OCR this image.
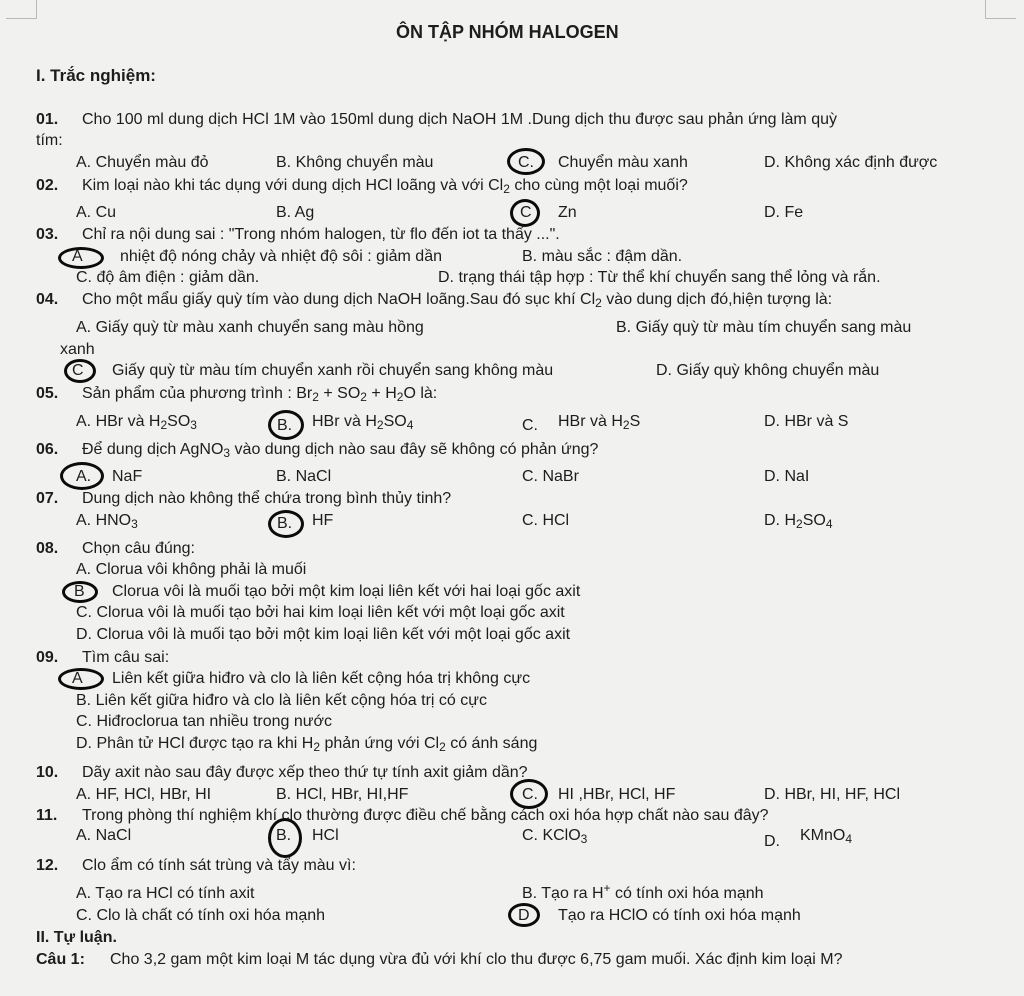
ÔN TẬP NHÓM HALOGEN
I. Trắc nghiệm:
01. Cho 100 ml dung dịch HCl 1M vào 150ml dung dịch NaOH 1M .Dung dịch thu được sau phản ứng làm quỳ
tím:
A. Chuyển màu đỏ	B. Không chuyển màu	C. Chuyển màu xanh	D. Không xác định được
02. Kim loại nào khi tác dụng với dung dịch HCl loãng và với $Cl_2$ cho cùng một loại muối?
A. Cu	B. Ag	C Zn	D. Fe
03. Chỉ ra nội dung sai : "Trong nhóm halogen, từ flo đến iot ta thấy ...".
A nhiệt độ nóng chảy và nhiệt độ sôi : giảm dần	B. màu sắc : đậm dần.
C. độ âm điện : giảm dần.	D. trạng thái tập hợp : Từ thể khí chuyển sang thể lỏng và rắn.
04. Cho một mẩu giấy quỳ tím vào dung dịch NaOH loãng.Sau đó sục khí $Cl_2$ vào dung dịch đó,hiện tượng là:
A. Giấy quỳ từ màu xanh chuyển sang màu hồng	B. Giấy quỳ từ màu tím chuyển sang màu
xanh
C Giấy quỳ từ màu tím chuyển xanh rồi chuyển sang không màu	D. Giấy quỳ không chuyển màu
05. Sản phẩm của phương trình : $Br_2 + SO_2 + H_2O$ là:
A. HBr và $H_2SO_3$	B. HBr và $H_2SO_4$	C. HBr và $H_2S$	D. HBr và S
06. Để dung dịch AgNO$_3$ vào dung dịch nào sau đây sẽ không có phản ứng?
A. NaF	B. NaCl	C. NaBr	D. NaI
07. Dung dịch nào không thể chứa trong bình thủy tinh?
A. $HNO_3$	B. HF	C. HCl	D. $H_2SO_4$
08. Chọn câu đúng:
A. Clorua vôi không phải là muối
B Clorua vôi là muối tạo bởi một kim loại liên kết với hai loại gốc axit
C. Clorua vôi là muối tạo bởi hai kim loại liên kết với một loại gốc axit
D. Clorua vôi là muối tạo bởi một kim loại liên kết với một loại gốc axit
09. Tìm câu sai:
A Liên kết giữa hiđro và clo là liên kết cộng hóa trị không cực
B. Liên kết giữa hiđro và clo là liên kết cộng hóa trị có cực
C. Hiđroclorua tan nhiều trong nước
D. Phân tử HCl được tạo ra khi $H_2$ phản ứng với $Cl_2$ có ánh sáng
10. Dãy axit nào sau đây được xếp theo thứ tự tính axit giảm dần?
A. HF, HCl, HBr, HI	B. HCl, HBr, HI,HF	C. HI ,HBr, HCl, HF	D. HBr, HI, HF, HCl
11. Trong phòng thí nghiệm khí clo thường được điều chế bằng cách oxi hóa hợp chất nào sau đây?
A. NaCl	B. HCl	C. KClO$_3$	D. KMnO$_4$
12. Clo ẩm có tính sát trùng và tẩy màu vì:
A. Tạo ra HCl có tính axit	B. Tạo ra H+ có tính oxi hóa mạnh
C. Clo là chất có tính oxi hóa mạnh	D Tạo ra HClO có tính oxi hóa mạnh
II. Tự luận.
Câu 1: Cho 3,2 gam một kim loại M tác dụng vừa đủ với khí clo thu được 6,75 gam muối. Xác định kim loại M?
